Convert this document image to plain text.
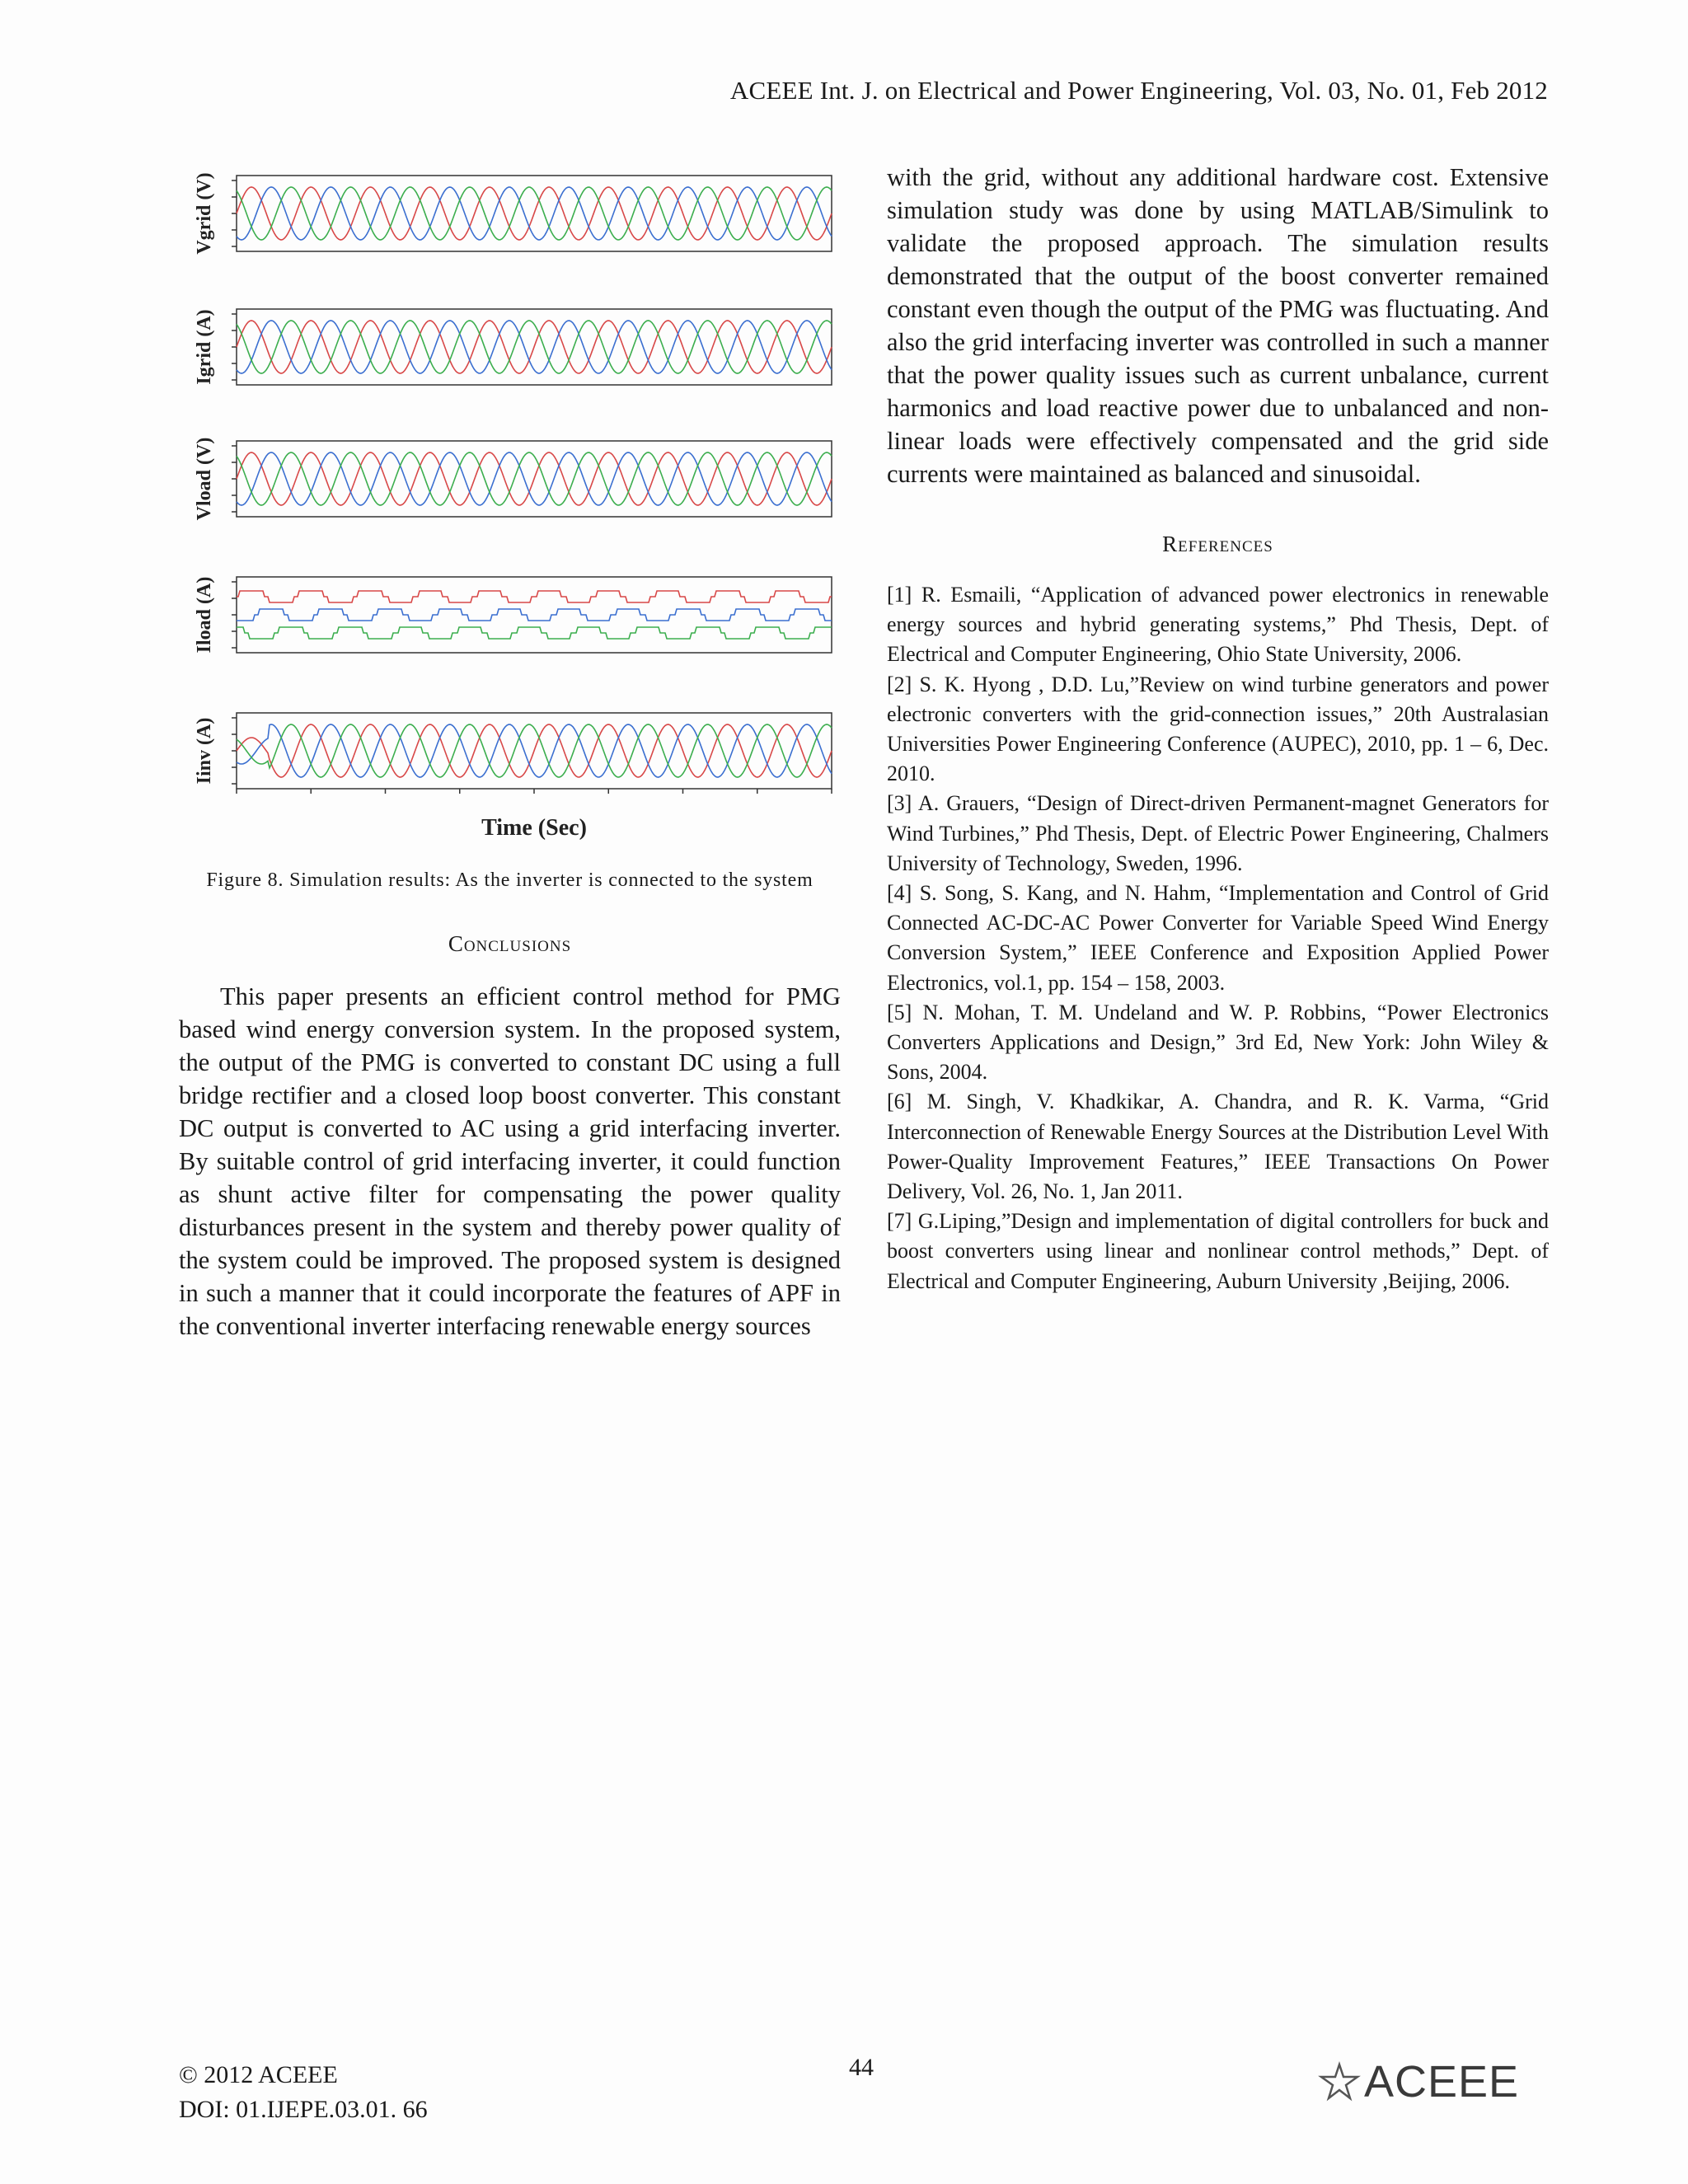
ACEEE Int. J. on Electrical and Power Engineering, Vol. 03, No. 01, Feb 2012
Vgrid (V)
Igrid (A)
Vload (V)
Iload (A)
Iinv (A)
Time (Sec)
Figure 8. Simulation results: As the inverter is connected to the system
Conclusions

This paper presents an efficient control method for PMG based wind energy conversion system. In the proposed system, the output of the PMG is converted to constant DC using a full bridge rectifier and a closed loop boost converter. This constant DC output is converted to AC using a grid interfacing inverter. By suitable control of grid interfacing inverter, it could function as shunt active filter for compensating the power quality disturbances present in the system and thereby power quality of the system could be improved. The proposed system is designed in such a manner that it could incorporate the features of APF in the conventional inverter interfacing renewable energy sources

with the grid, without any additional hardware cost. Extensive simulation study was done by using MATLAB/Simulink to validate the proposed approach. The simulation results demonstrated that the output of the boost converter remained constant even though the output of the PMG was fluctuating. And also the grid interfacing inverter was controlled in such a manner that the power quality issues such as current unbalance, current harmonics and load reactive power due to unbalanced and non-linear loads were effectively compensated and the grid side currents were maintained as balanced and sinusoidal.

References

[1] R. Esmaili, “Application of advanced power electronics in renewable energy sources and hybrid generating systems,” Phd Thesis, Dept. of Electrical and Computer Engineering, Ohio State University, 2006.

[2] S. K. Hyong , D.D. Lu,”Review on wind turbine generators and power electronic converters with the grid-connection issues,” 20th Australasian Universities Power Engineering Conference (AUPEC), 2010, pp. 1 – 6, Dec. 2010.

[3] A. Grauers, “Design of Direct-driven Permanent-magnet Generators for Wind Turbines,” Phd Thesis, Dept. of Electric Power Engineering, Chalmers University of Technology, Sweden, 1996.

[4] S. Song, S. Kang, and N. Hahm, “Implementation and Control of Grid Connected AC-DC-AC Power Converter for Variable Speed Wind Energy Conversion System,” IEEE Conference and Exposition Applied Power Electronics, vol.1, pp. 154 – 158, 2003.

[5] N. Mohan, T. M. Undeland and W. P. Robbins, “Power Electronics Converters Applications and Design,” 3rd Ed, New York: John Wiley & Sons, 2004.

[6] M. Singh, V. Khadkikar, A. Chandra, and R. K. Varma, “Grid Interconnection of Renewable Energy Sources at the Distribution Level With Power-Quality Improvement Features,” IEEE Transactions On Power Delivery, Vol. 26, No. 1, Jan 2011.

[7] G.Liping,”Design and implementation of digital controllers for buck and boost converters using linear and nonlinear control methods,” Dept. of Electrical and Computer Engineering, Auburn University ,Beijing, 2006.

© 2012 ACEEE
DOI: 01.IJEPE.03.01. 66
44	ACEEE
